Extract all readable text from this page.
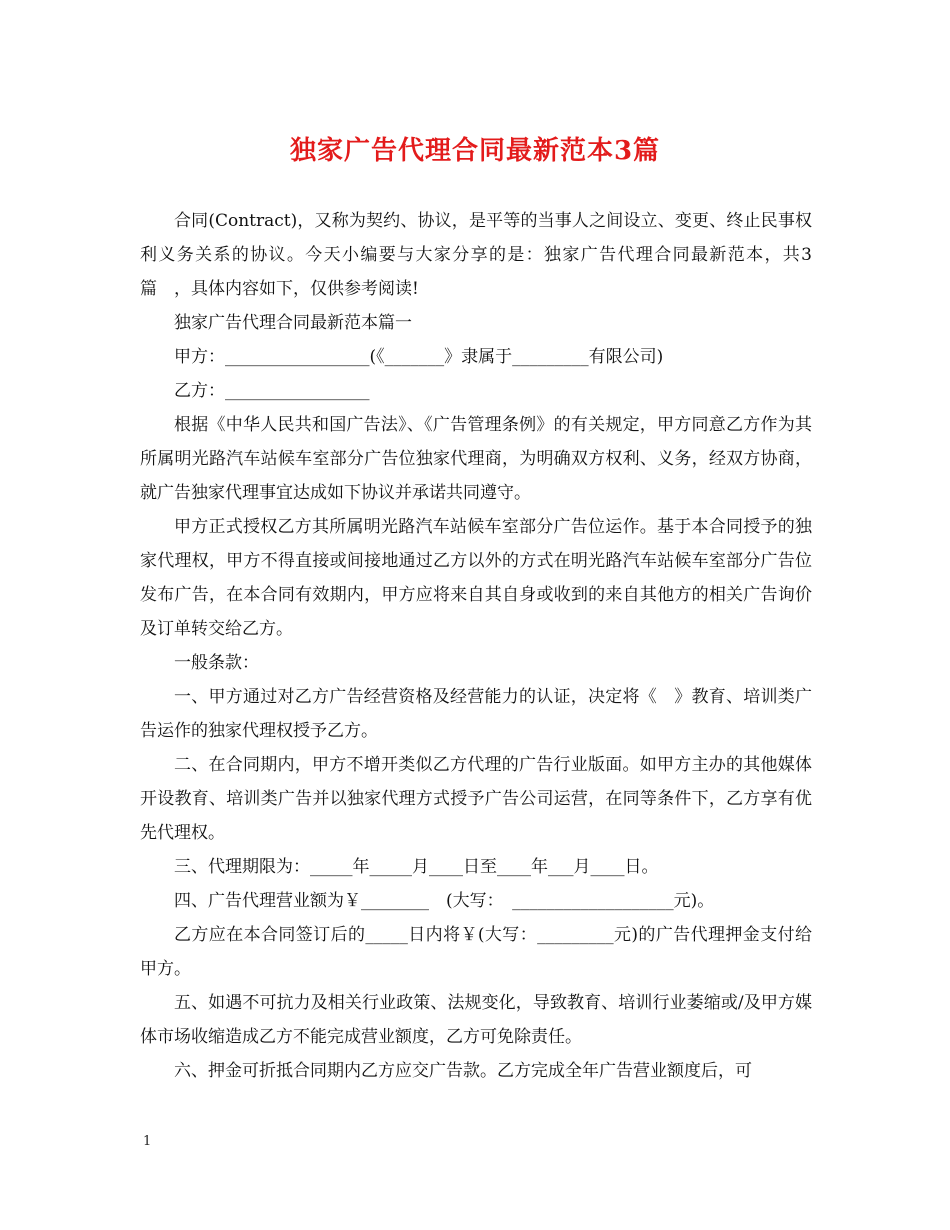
独家广告代理合同最新范本3篇

合同(Contract)，又称为契约、协议，是平等的当事人之间设立、变更、终止民事权利义务关系的协议。今天小编要与大家分享的是：独家广告代理合同最新范本，共3篇　，具体内容如下，仅供参考阅读!

独家广告代理合同最新范本篇一

甲方：_________________(《_______》隶属于_________有限公司)

乙方：_________________

根据《中华人民共和国广告法》、《广告管理条例》的有关规定，甲方同意乙方作为其所属明光路汽车站候车室部分广告位独家代理商，为明确双方权利、义务，经双方协商，就广告独家代理事宜达成如下协议并承诺共同遵守。

甲方正式授权乙方其所属明光路汽车站候车室部分广告位运作。基于本合同授予的独家代理权，甲方不得直接或间接地通过乙方以外的方式在明光路汽车站候车室部分广告位发布广告，在本合同有效期内，甲方应将来自其自身或收到的来自其他方的相关广告询价及订单转交给乙方。

一般条款：

一、甲方通过对乙方广告经营资格及经营能力的认证，决定将《　》教育、培训类广告运作的独家代理权授予乙方。

二、在合同期内，甲方不增开类似乙方代理的广告行业版面。如甲方主办的其他媒体开设教育、培训类广告并以独家代理方式授予广告公司运营，在同等条件下，乙方享有优先代理权。

三、代理期限为：_____年_____月____日至____年___月____日。

四、广告代理营业额为￥________　(大写：　___________________元)。

乙方应在本合同签订后的_____日内将￥(大写：_________元)的广告代理押金支付给甲方。

五、如遇不可抗力及相关行业政策、法规变化，导致教育、培训行业萎缩或/及甲方媒体市场收缩造成乙方不能完成营业额度，乙方可免除责任。

六、押金可折抵合同期内乙方应交广告款。乙方完成全年广告营业额度后，可

1
